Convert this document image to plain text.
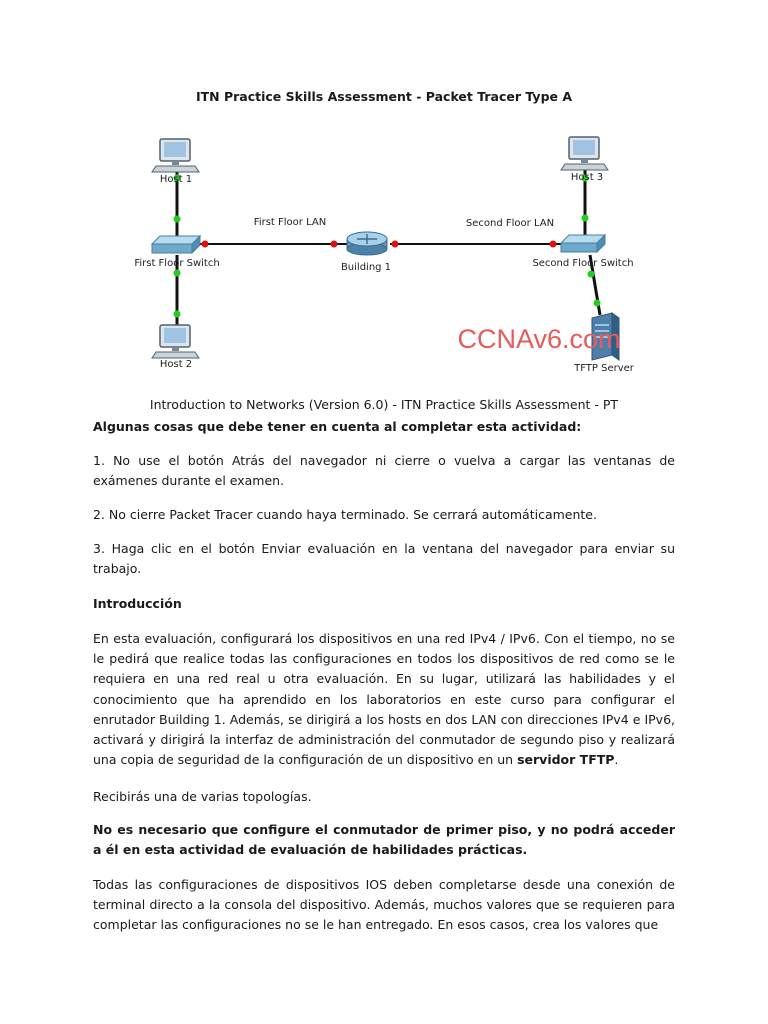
ITN Practice Skills Assessment - Packet Tracer Type A
Host 1
Host 2
Host 3
First Floor Switch	Second Floor Switch
Building 1
TFTP Server
First Floor LAN	Second Floor LAN
CCNAv6.com
Introduction to Networks (Version 6.0) - ITN Practice Skills Assessment - PT

Algunas cosas que debe tener en cuenta al completar esta actividad:

1. No use el botón Atrás del navegador ni cierre o vuelva a cargar las ventanas de exámenes durante el examen.

2. No cierre Packet Tracer cuando haya terminado. Se cerrará automáticamente.

3. Haga clic en el botón Enviar evaluación en la ventana del navegador para enviar su trabajo.

Introducción

En esta evaluación, configurará los dispositivos en una red IPv4 / IPv6. Con el tiempo, no se le pedirá que realice todas las configuraciones en todos los dispositivos de red como se le requiera en una red real u otra evaluación. En su lugar, utilizará las habilidades y el conocimiento que ha aprendido en los laboratorios en este curso para configurar el enrutador Building 1. Además, se dirigirá a los hosts en dos LAN con direcciones IPv4 e IPv6, activará y dirigirá la interfaz de administración del conmutador de segundo piso y realizará una copia de seguridad de la configuración de un dispositivo en un servidor TFTP.

Recibirás una de varias topologías.

No es necesario que configure el conmutador de primer piso, y no podrá acceder a él en esta actividad de evaluación de habilidades prácticas.

Todas las configuraciones de dispositivos IOS deben completarse desde una conexión de terminal directo a la consola del dispositivo. Además, muchos valores que se requieren para completar las configuraciones no se le han entregado. En esos casos, crea los valores que
